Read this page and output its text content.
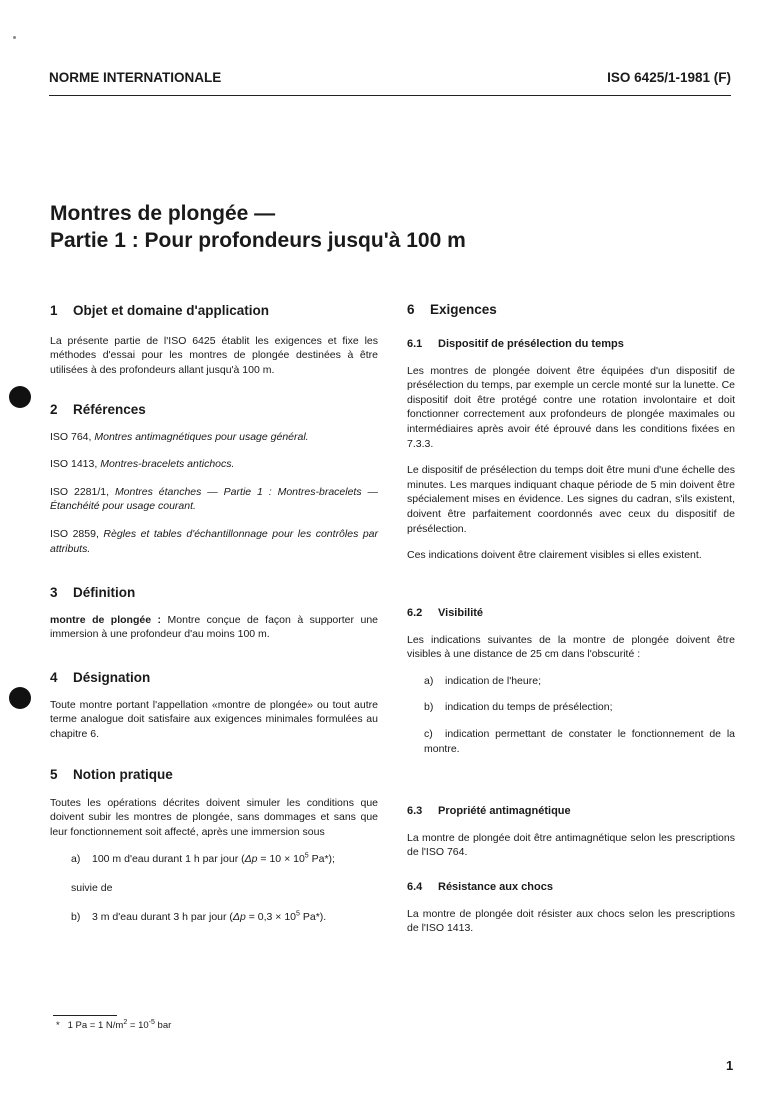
NORME INTERNATIONALE	ISO 6425/1-1981 (F)
Montres de plongée —
Partie 1 : Pour profondeurs jusqu'à 100 m
1 Objet et domaine d'application

La présente partie de l'ISO 6425 établit les exigences et fixe les méthodes d'essai pour les montres de plongée destinées à être utilisées à des profondeurs allant jusqu'à 100 m.

2 Références

ISO 764, Montres antimagnétiques pour usage général.

ISO 1413, Montres-bracelets antichocs.

ISO 2281/1, Montres étanches — Partie 1 : Montres-bracelets — Étanchéité pour usage courant.

ISO 2859, Règles et tables d'échantillonnage pour les contrôles par attributs.

3 Définition

montre de plongée : Montre conçue de façon à supporter une immersion à une profondeur d'au moins 100 m.

4 Désignation

Toute montre portant l'appellation «montre de plongée» ou tout autre terme analogue doit satisfaire aux exigences minimales formulées au chapitre 6.

5 Notion pratique

Toutes les opérations décrites doivent simuler les conditions que doivent subir les montres de plongée, sans dommages et sans que leur fonctionnement soit affecté, après une immersion sous

a) 100 m d'eau durant 1 h par jour ($\Delta p = 10 \times 10^5$ Pa*);

suivie de

b) 3 m d'eau durant 3 h par jour ($\Delta p = 0,3 \times 10^5$ Pa*).

6 Exigences
6.1 Dispositif de présélection du temps

Les montres de plongée doivent être équipées d'un dispositif de présélection du temps, par exemple un cercle monté sur la lunette. Ce dispositif doit être protégé contre une rotation involontaire et doit fonctionner correctement aux profondeurs de plongée maximales ou intermédiaires après avoir été éprouvé dans les conditions fixées en 7.3.3.

Le dispositif de présélection du temps doit être muni d'une échelle des minutes. Les marques indiquant chaque période de 5 min doivent être spécialement mises en évidence. Les signes du cadran, s'ils existent, doivent être parfaitement coordonnés avec ceux du dispositif de présélection.

Ces indications doivent être clairement visibles si elles existent.

6.2 Visibilité

Les indications suivantes de la montre de plongée doivent être visibles à une distance de 25 cm dans l'obscurité :

a) indication de l'heure;

b) indication du temps de présélection;

c) indication permettant de constater le fonctionnement de la montre.

6.3 Propriété antimagnétique

La montre de plongée doit être antimagnétique selon les prescriptions de l'ISO 764.

6.4 Résistance aux chocs

La montre de plongée doit résister aux chocs selon les prescriptions de l'ISO 1413.

* 1 Pa = 1 $N/m^2 = 10^{-5}$ bar
1
